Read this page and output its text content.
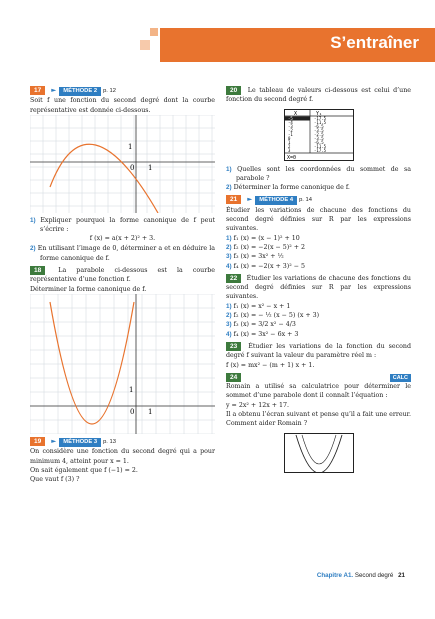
S’entraîner
17 ► MÉTHODE 2 p. 12
Soit f une fonction du second degré dont la courbe représentative est donnée ci-dessous.
1
0 1
1) Expliquer pourquoi la forme canonique de f peut s’écrire :
f (x) = a(x + 2)² + 3.
2) En utilisant l’image de 0, déterminer a et en déduire la forme canonique de f.
18	La parabole ci-dessous est la courbe représentative d’une fonction f.
Déterminer la forme canonique de f.
1
0 1
19 ► MÉTHODE 3 p. 13
On considère une fonction du second degré qui a pour minimum 4, atteint pour x = 1.
On sait également que f (−1) = 2.
Que vaut f (3) ?
20 Le tableau de valeurs ci-dessous est celui d’une fonction du second degré f.
X	Y₁
-5	-17.5
-4	-11.5
-3	-6.5
-2	-3.5
-1	-2.5
0	-3.5
1	-6.5
2	-11.5
3	-17.5
X=0
1) Quelles sont les coordonnées du sommet de sa parabole ?
2) Déterminer la forme canonique de f.
21 ► MÉTHODE 4 p. 14
Étudier les variations de chacune des fonctions du second degré définies sur R par les expressions suivantes.
1) f₁ (x) = (x − 1)² + 10
2) f₂ (x) = −2(x − 5)² + 2
3) f₃ (x) = 3x² + ½
4) f₄ (x) = −2(x + 3)² − 5
22 Étudier les variations de chacune des fonctions du second degré définies sur R par les expressions suivantes.
1) f₁ (x) = x² − x + 1
2) f₂ (x) = − ½ (x − 5) (x + 3)
3) f₃ (x) = 3/2 x² − 4/3
4) f₄ (x) = 3x² − 6x + 3
23 Étudier les variations de la fonction du second degré f suivant la valeur du paramètre réel m :
f (x) = mx² − (m + 1) x + 1.
24	CALC
Romain a utilisé sa calculatrice pour déterminer le sommet d’une parabole dont il connaît l’équation :
y = 2x² + 12x + 17.
Il a obtenu l’écran suivant et pense qu’il a fait une erreur. Comment aider Romain ?
Chapitre A1. Second degré 21
